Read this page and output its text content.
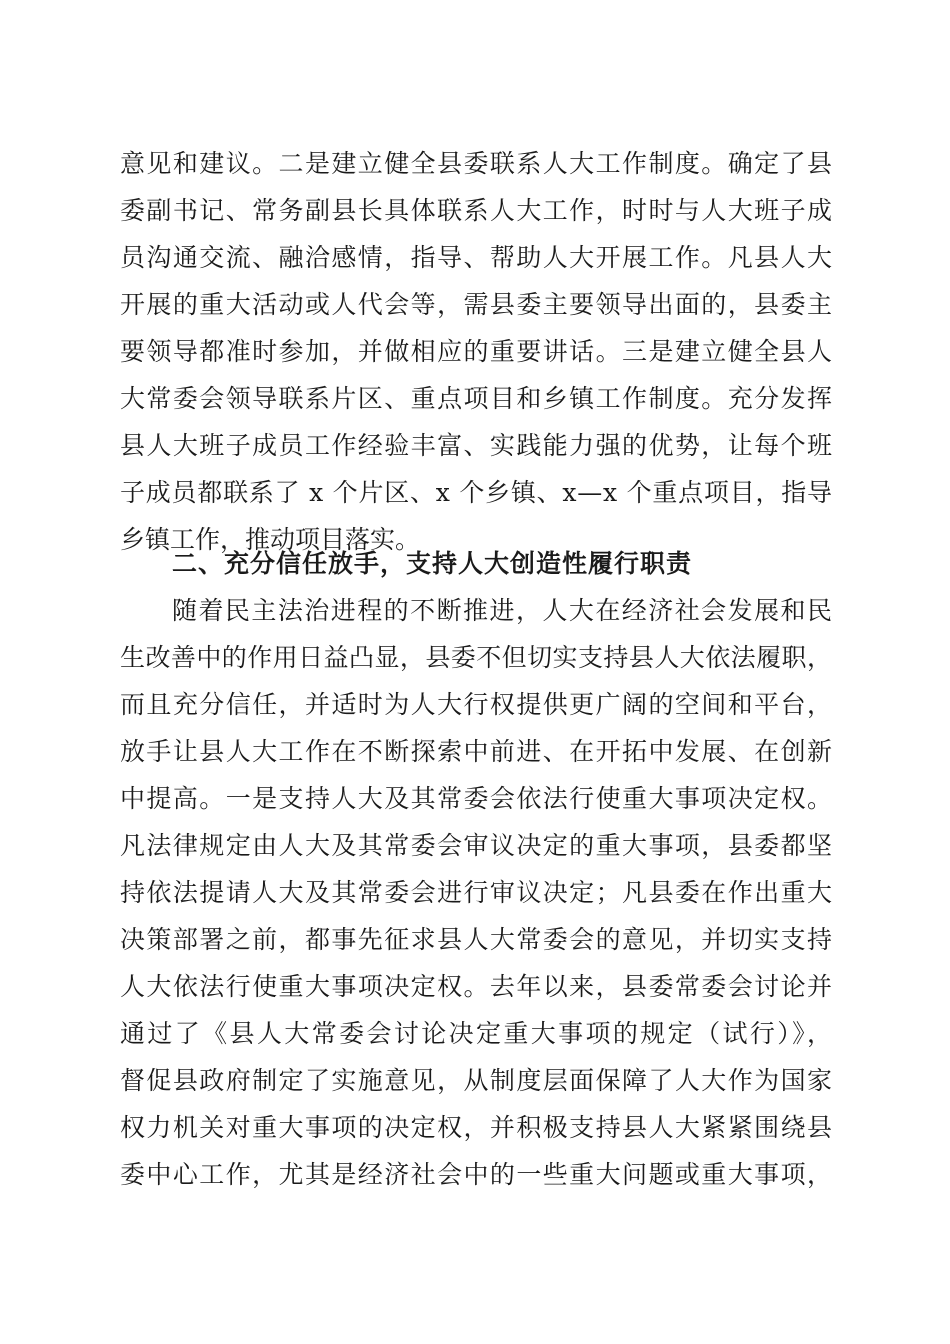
意见和建议。二是建立健全县委联系人大工作制度。确定了县
委副书记、常务副县长具体联系人大工作，时时与人大班子成
员沟通交流、融洽感情，指导、帮助人大开展工作。凡县人大
开展的重大活动或人代会等，需县委主要领导出面的，县委主
要领导都准时参加，并做相应的重要讲话。三是建立健全县人
大常委会领导联系片区、重点项目和乡镇工作制度。充分发挥
县人大班子成员工作经验丰富、实践能力强的优势，让每个班
子成员都联系了 x 个片区、x 个乡镇、x—x 个重点项目，指导
乡镇工作，推动项目落实。
二、充分信任放手，支持人大创造性履行职责
随着民主法治进程的不断推进，人大在经济社会发展和民
生改善中的作用日益凸显，县委不但切实支持县人大依法履职，
而且充分信任，并适时为人大行权提供更广阔的空间和平台，
放手让县人大工作在不断探索中前进、在开拓中发展、在创新
中提高。一是支持人大及其常委会依法行使重大事项决定权。
凡法律规定由人大及其常委会审议决定的重大事项，县委都坚
持依法提请人大及其常委会进行审议决定；凡县委在作出重大
决策部署之前，都事先征求县人大常委会的意见，并切实支持
人大依法行使重大事项决定权。去年以来，县委常委会讨论并
通过了《县人大常委会讨论决定重大事项的规定（试行）》，
督促县政府制定了实施意见，从制度层面保障了人大作为国家
权力机关对重大事项的决定权，并积极支持县人大紧紧围绕县
委中心工作，尤其是经济社会中的一些重大问题或重大事项，
